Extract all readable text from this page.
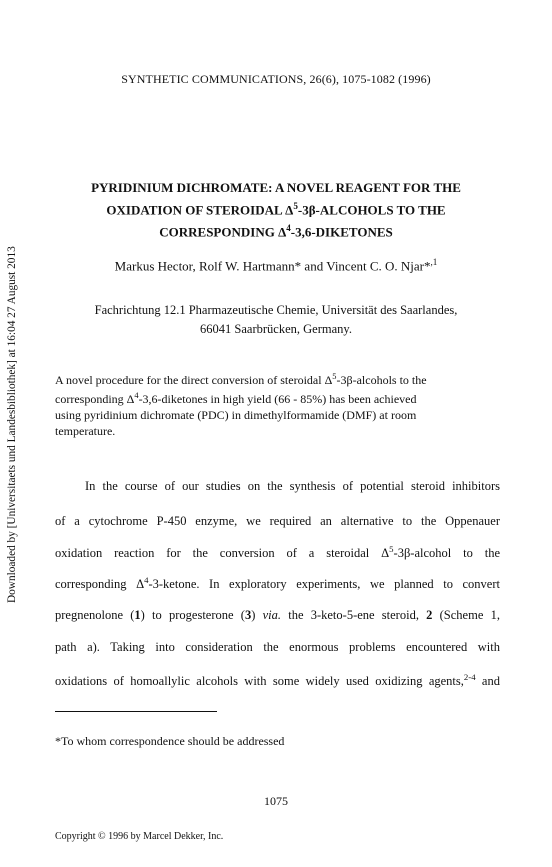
Downloaded by [Universitaets und Landesbibliothek] at 16:04 27 August 2013
SYNTHETIC COMMUNICATIONS, 26(6), 1075-1082 (1996)
PYRIDINIUM DICHROMATE: A NOVEL REAGENT FOR THE
OXIDATION OF STEROIDAL $\Delta^5-3\beta$-ALCOHOLS TO THE
CORRESPONDING $\Delta^4-3,6$-DIKETONES
Markus Hector, Rolf W. Hartmann* and Vincent C. O. Njar*$^{,1}$
Fachrichtung 12.1 Pharmazeutische Chemie, Universität des Saarlandes,
66041 Saarbrücken, Germany.
A novel procedure for the direct conversion of steroidal $\Delta^5-3\beta$-alcohols to the
corresponding $\Delta^4-3,6$-diketones in high yield (66 - 85%) has been achieved
using pyridinium dichromate (PDC) in dimethylformamide (DMF) at room
temperature.
In the course of our studies on the synthesis of potential steroid inhibitors
of a cytochrome P-450 enzyme, we required an alternative to the Oppenauer
oxidation reaction for the conversion of a steroidal $\Delta^5-3\beta$-alcohol to the
corresponding $\Delta^4-3$-ketone. In exploratory experiments, we planned to convert
pregnenolone (1) to progesterone (3) via. the 3-keto-5-ene steroid, 2 (Scheme 1,
path a). Taking into consideration the enormous problems encountered with
oxidations of homoallylic alcohols with some widely used oxidizing agents,$^{2-4}$ and
*To whom correspondence should be addressed
1075
Copyright © 1996 by Marcel Dekker, Inc.
